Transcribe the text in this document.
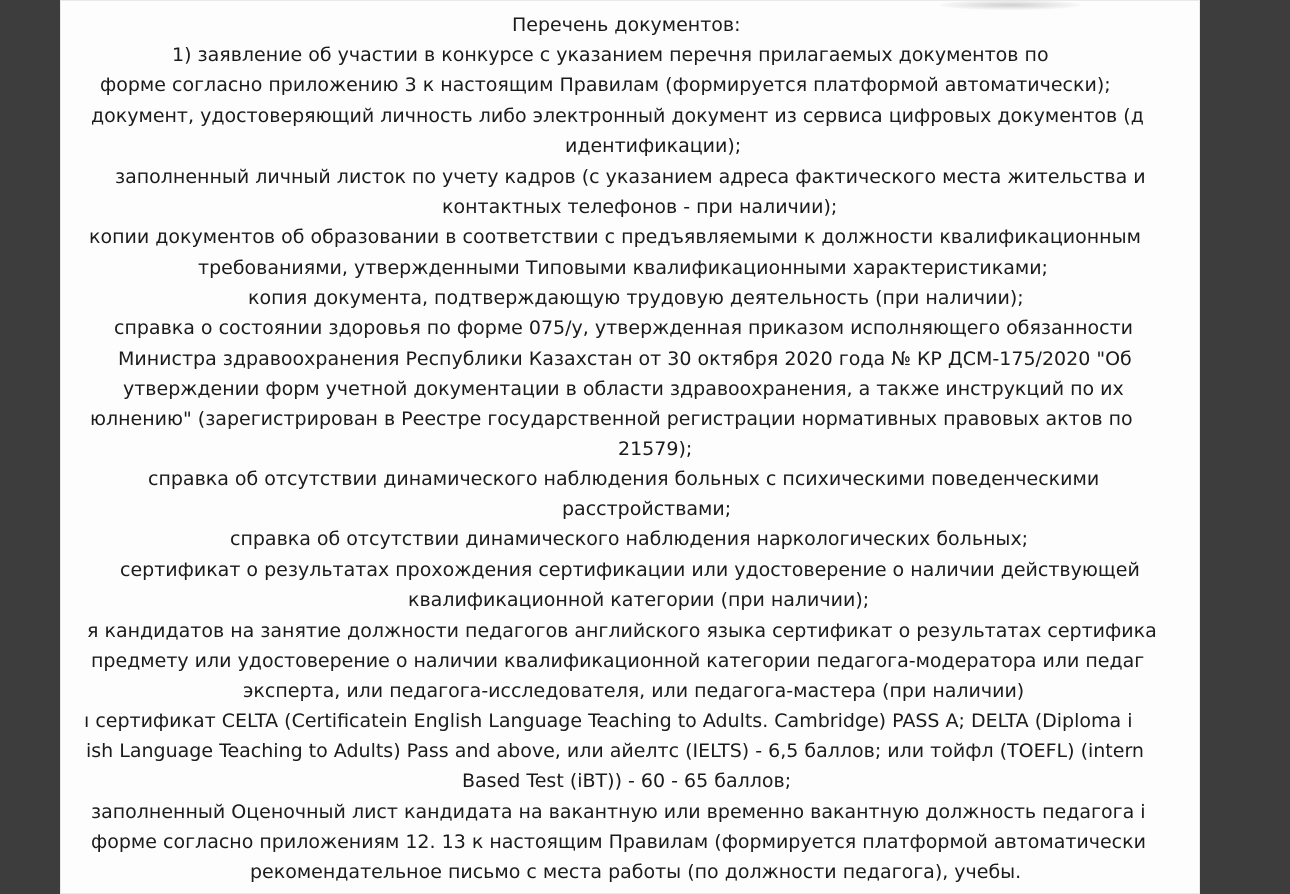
Перечень документов:
1) заявление об участии в конкурсе с указанием перечня прилагаемых документов по
форме согласно приложению 3 к настоящим Правилам (формируется платформой автоматически);
документ, удостоверяющий личность либо электронный документ из сервиса цифровых документов (д
идентификации);
заполненный личный листок по учету кадров (с указанием адреса фактического места жительства и
контактных телефонов - при наличии);
копии документов об образовании в соответствии с предъявляемыми к должности квалификационным
требованиями, утвержденными Типовыми квалификационными характеристиками;
копия документа, подтверждающую трудовую деятельность (при наличии);
справка о состоянии здоровья по форме 075/у, утвержденная приказом исполняющего обязанности
Министра здравоохранения Республики Казахстан от 30 октября 2020 года № КР ДСМ-175/2020 "Об
утверждении форм учетной документации в области здравоохранения, а также инструкций по их
юлнению" (зарегистрирован в Реестре государственной регистрации нормативных правовых актов по
21579);
справка об отсутствии динамического наблюдения больных с психическими поведенческими
расстройствами;
справка об отсутствии динамического наблюдения наркологических больных;
сертификат о результатах прохождения сертификации или удостоверение о наличии действующей
квалификационной категории (при наличии);
я кандидатов на занятие должности педагогов английского языка сертификат о результатах сертифика
предмету или удостоверение о наличии квалификационной категории педагога-модератора или педаг
эксперта, или педагога-исследователя, или педагога-мастера (при наличии)
ı сертификат CELTA (Certificatein English Language Teaching to Adults. Cambridge) PASS A; DELTA (Diploma i
ish Language Teaching to Adults) Pass and above, или айелтс (IELTS) - 6,5 баллов; или тойфл (TOEFL) (intern
Based Test (iBT)) - 60 - 65 баллов;
заполненный Оценочный лист кандидата на вакантную или временно вакантную должность педагога і
форме согласно приложениям 12. 13 к настоящим Правилам (формируется платформой автоматически
рекомендательное письмо с места работы (по должности педагога), учебы.
